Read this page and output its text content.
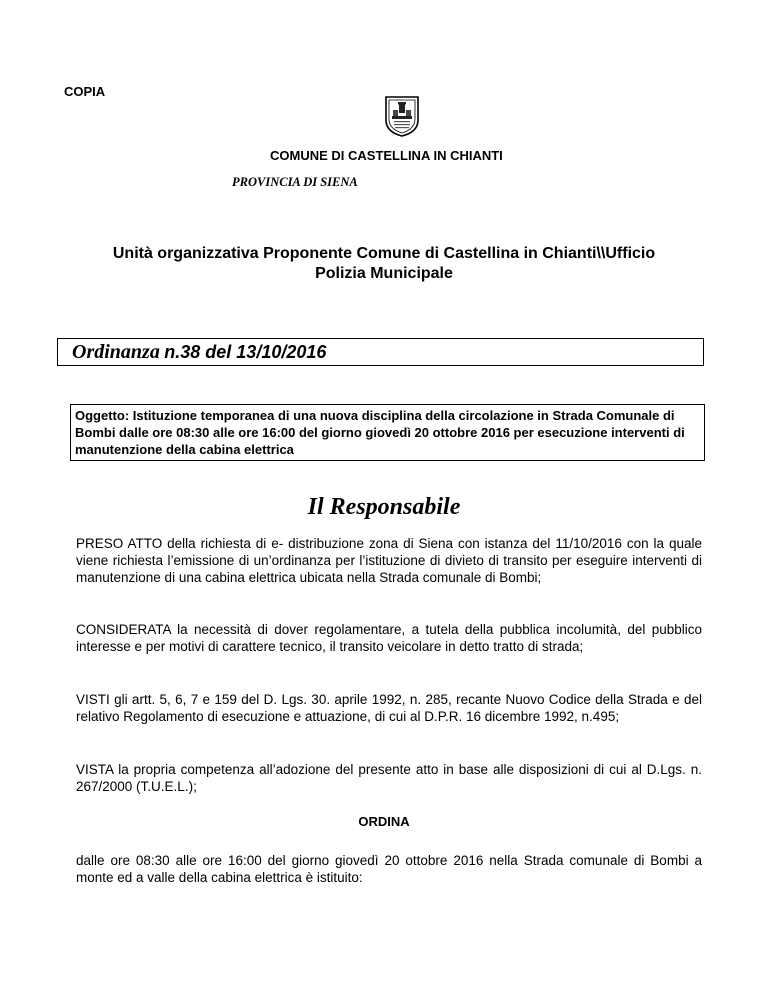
COPIA
COMUNE DI CASTELLINA IN CHIANTI
PROVINCIA DI SIENA
Unità organizzativa Proponente Comune di Castellina in Chianti\\Ufficio
Polizia Municipale
Ordinanza n.38 del 13/10/2016
Oggetto: Istituzione temporanea di una nuova disciplina della circolazione in Strada Comunale di Bombi dalle ore 08:30 alle ore 16:00 del giorno giovedì 20 ottobre 2016 per esecuzione interventi di manutenzione della cabina elettrica
Il Responsabile

PRESO ATTO della richiesta di e- distribuzione zona di Siena con istanza del 11/10/2016 con la quale viene richiesta l’emissione di un’ordinanza per l’istituzione di divieto di transito per eseguire interventi di manutenzione di una cabina elettrica ubicata nella Strada comunale di Bombi;

CONSIDERATA la necessità di dover regolamentare, a tutela della pubblica incolumità, del pubblico interesse e per motivi di carattere tecnico, il transito veicolare in detto tratto di strada;

VISTI gli artt. 5, 6, 7 e 159 del D. Lgs. 30. aprile 1992, n. 285, recante Nuovo Codice della Strada e del relativo Regolamento di esecuzione e attuazione, di cui al D.P.R. 16 dicembre 1992, n.495;

VISTA la propria competenza all’adozione del presente atto in base alle disposizioni di cui al D.Lgs. n. 267/2000 (T.U.E.L.);

ORDINA

dalle ore 08:30 alle ore 16:00 del giorno giovedì 20 ottobre 2016 nella Strada comunale di Bombi a monte ed a valle della cabina elettrica è istituito:
